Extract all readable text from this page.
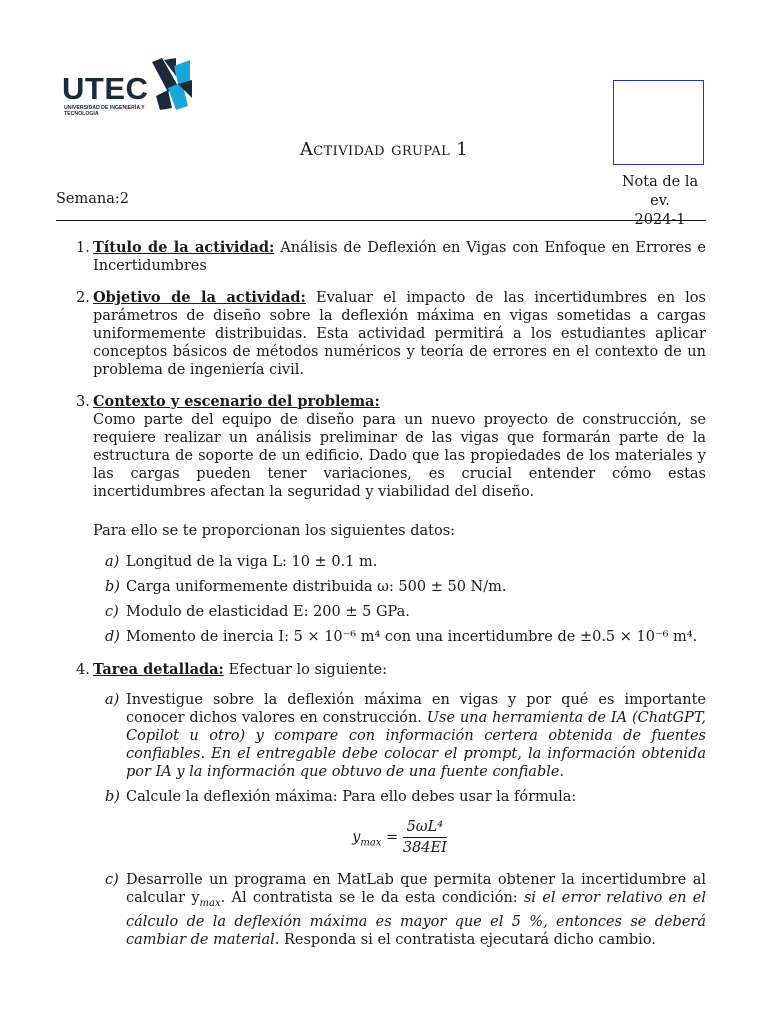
UTEC
UNIVERSIDAD DE INGENIERÍA Y TECNOLOGÍA
Actividad grupal 1
Semana:2
Nota de la ev.
2024-1
1. Título de la actividad: Análisis de Deflexión en Vigas con Enfoque en Errores e Incertidumbres

2. Objetivo de la actividad: Evaluar el impacto de las incertidumbres en los parámetros de diseño sobre la deflexión máxima en vigas sometidas a cargas uniformemente distribuidas. Esta actividad permitirá a los estudiantes aplicar conceptos básicos de métodos numéricos y teoría de errores en el contexto de un problema de ingeniería civil.

3. Contexto y escenario del problema:

Como parte del equipo de diseño para un nuevo proyecto de construcción, se requiere realizar un análisis preliminar de las vigas que formarán parte de la estructura de soporte de un edificio. Dado que las propiedades de los materiales y las cargas pueden tener variaciones, es crucial entender cómo estas incertidumbres afectan la seguridad y viabilidad del diseño.

Para ello se te proporcionan los siguientes datos:

a) Longitud de la viga L: 10 ± 0.1 m.
b) Carga uniformemente distribuida ω: 500 ± 50 N/m.
c) Modulo de elasticidad E: 200 ± 5 GPa.
d) Momento de inercia I: 5 × 10⁻⁶ m⁴ con una incertidumbre de ±0.5 × 10⁻⁶ m⁴.
4. Tarea detallada: Efectuar lo siguiente:

a) Investigue sobre la deflexión máxima en vigas y por qué es importante conocer dichos valores en construcción. Use una herramienta de IA (ChatGPT, Copilot u otro) y compare con información certera obtenida de fuentes confiables. En el entregable debe colocar el prompt, la información obtenida por IA y la información que obtuvo de una fuente confiable.
b) Calcule la deflexión máxima: Para ello debes usar la fórmula:
$y_{max} = \frac{\text{5ωL⁴}}{384EI}$
c) Desarrolle un programa en MatLab que permita obtener la incertidumbre al calcular $y_{max}$. Al contratista se le da esta condición: si el error relativo en el cálculo de la deflexión máxima es mayor que el 5 %, entonces se deberá cambiar de material. Responda si el contratista ejecutará dicho cambio.
